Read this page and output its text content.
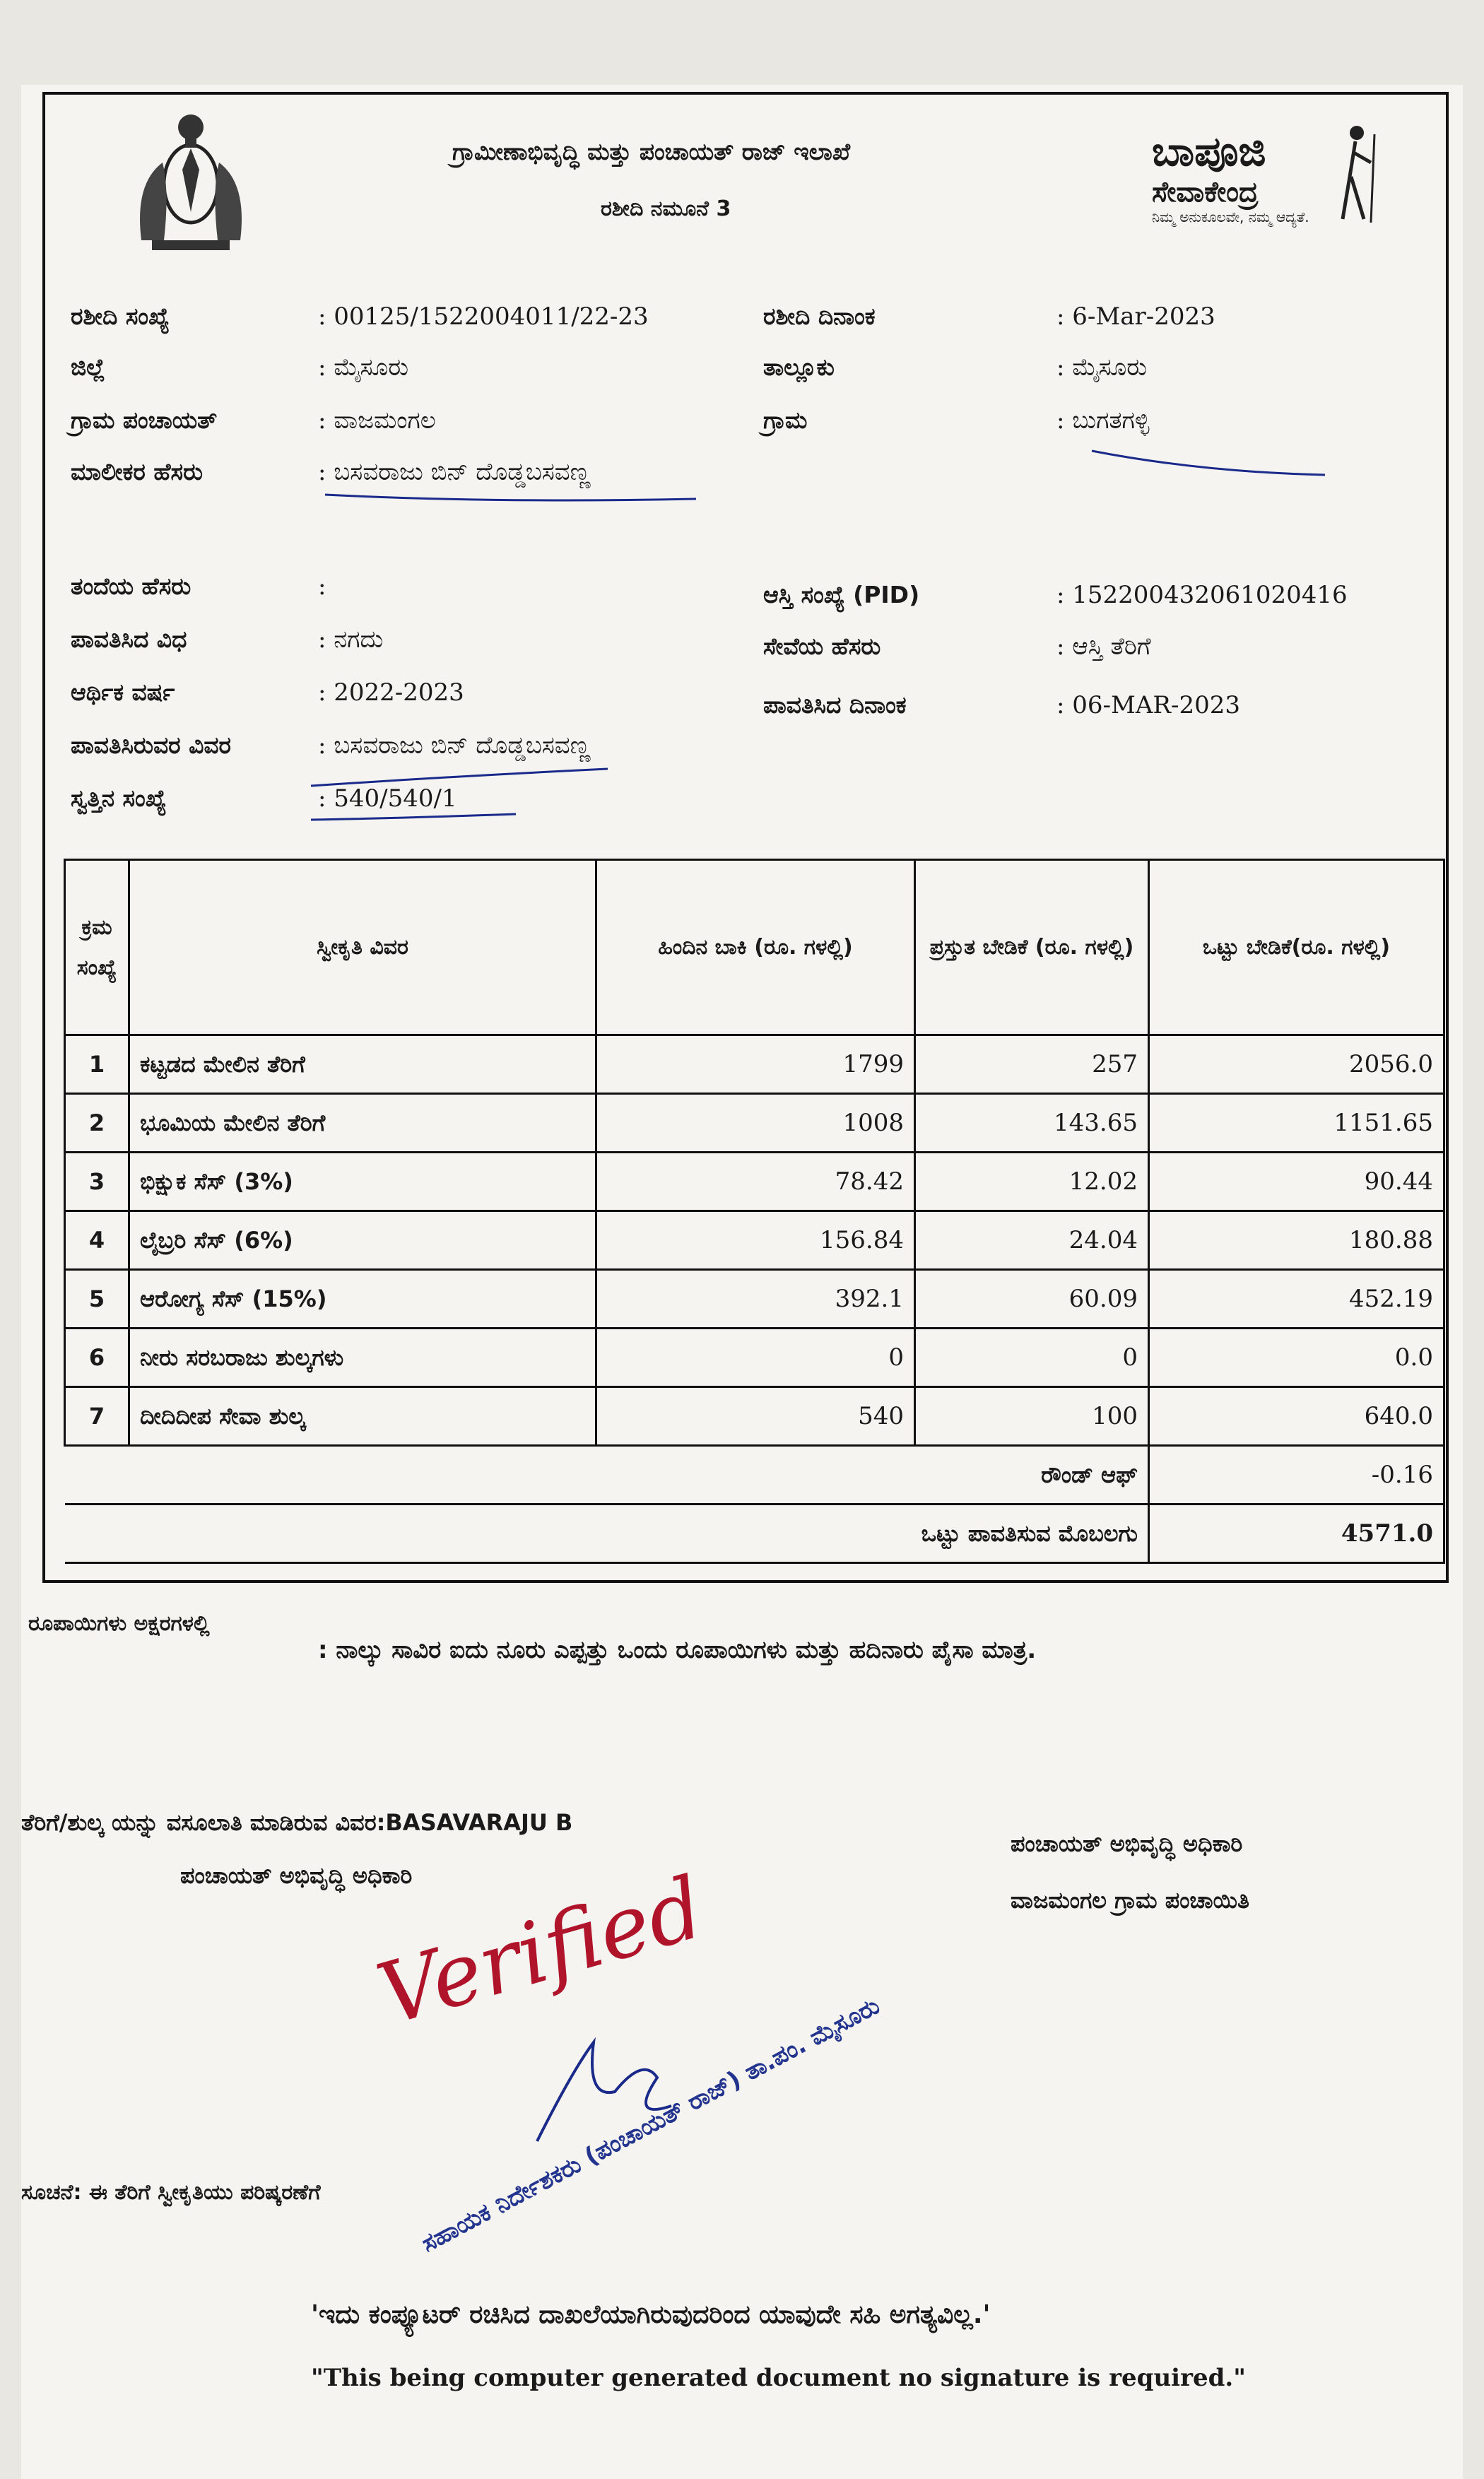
ಗ್ರಾಮೀಣಾಭಿವೃದ್ಧಿ ಮತ್ತು ಪಂಚಾಯತ್ ರಾಜ್ ಇಲಾಖೆ
ರಶೀದಿ ನಮೂನೆ 3
ಬಾಪೂಜಿ
ಸೇವಾಕೇಂದ್ರ
ನಿಮ್ಮ ಅನುಕೂಲವೇ, ನಮ್ಮ ಆದ್ಯತೆ.
ರಶೀದಿ ಸಂಖ್ಯೆ	: 00125/1522004011/22-23
ಜಿಲ್ಲೆ	: ಮೈಸೂರು
ಗ್ರಾಮ ಪಂಚಾಯತ್	: ವಾಜಮಂಗಲ
ಮಾಲೀಕರ ಹೆಸರು	: ಬಸವರಾಜು ಬಿನ್ ದೊಡ್ಡಬಸವಣ್ಣ
ತಂದೆಯ ಹೆಸರು	:
ಪಾವತಿಸಿದ ವಿಧ	: ನಗದು
ಆರ್ಥಿಕ ವರ್ಷ	: 2022-2023
ಪಾವತಿಸಿರುವರ ವಿವರ	: ಬಸವರಾಜು ಬಿನ್ ದೊಡ್ಡಬಸವಣ್ಣ
ಸ್ವತ್ತಿನ ಸಂಖ್ಯೆ	: 540/540/1
ರಶೀದಿ ದಿನಾಂಕ	: 6-Mar-2023
ತಾಲ್ಲೂಕು	: ಮೈಸೂರು
ಗ್ರಾಮ	: ಬುಗತಗಳ್ಳಿ
ಆಸ್ತಿ ಸಂಖ್ಯೆ (PID)	: 152200432061020416
ಸೇವೆಯ ಹೆಸರು	: ಆಸ್ತಿ ತೆರಿಗೆ
ಪಾವತಿಸಿದ ದಿನಾಂಕ	: 06-MAR-2023
ಕ್ರಮ ಸಂಖ್ಯೆ	ಸ್ವೀಕೃತಿ ವಿವರ	ಹಿಂದಿನ ಬಾಕಿ (ರೂ. ಗಳಲ್ಲಿ)	ಪ್ರಸ್ತುತ ಬೇಡಿಕೆ (ರೂ. ಗಳಲ್ಲಿ)	ಒಟ್ಟು ಬೇಡಿಕೆ(ರೂ. ಗಳಲ್ಲಿ)
1	ಕಟ್ಟಡದ ಮೇಲಿನ ತೆರಿಗೆ	1799	257	2056.0
2	ಭೂಮಿಯ ಮೇಲಿನ ತೆರಿಗೆ	1008	143.65	1151.65
3	ಭಿಕ್ಷುಕ ಸೆಸ್ (3%)	78.42	12.02	90.44
4	ಲೈಬ್ರರಿ ಸೆಸ್ (6%)	156.84	24.04	180.88
5	ಆರೋಗ್ಯ ಸೆಸ್ (15%)	392.1	60.09	452.19
6	ನೀರು ಸರಬರಾಜು ಶುಲ್ಕಗಳು	0	0	0.0
7	ದೀದಿದೀಪ ಸೇವಾ ಶುಲ್ಕ	540	100	640.0
ರೌಂಡ್ ಆಫ್				-0.16
ಒಟ್ಟು ಪಾವತಿಸುವ ಮೊಬಲಗು				4571.0
ರೂಪಾಯಿಗಳು ಅಕ್ಷರಗಳಲ್ಲಿ
: ನಾಲ್ಕು ಸಾವಿರ ಐದು ನೂರು ಎಪ್ಪತ್ತು ಒಂದು ರೂಪಾಯಿಗಳು ಮತ್ತು ಹದಿನಾರು ಪೈಸಾ ಮಾತ್ರ.
ತೆರಿಗೆ/ಶುಲ್ಕ ಯನ್ನು ವಸೂಲಾತಿ ಮಾಡಿರುವ ವಿವರ:BASAVARAJU B
ಪಂಚಾಯತ್ ಅಭಿವೃದ್ಧಿ ಅಧಿಕಾರಿ
ಪಂಚಾಯತ್ ಅಭಿವೃದ್ಧಿ ಅಧಿಕಾರಿ
ವಾಜಮಂಗಲ ಗ್ರಾಮ ಪಂಚಾಯಿತಿ
Verified
ಸಹಾಯಕ ನಿರ್ದೇಶಕರು (ಪಂಚಾಯತ್ ರಾಜ್) ತಾ.ಪಂ. ಮೈಸೂರು
ಸೂಚನೆ: ಈ ತೆರಿಗೆ ಸ್ವೀಕೃತಿಯು ಪರಿಷ್ಕರಣೆಗೆ
'ಇದು ಕಂಪ್ಯೂಟರ್ ರಚಿಸಿದ ದಾಖಲೆಯಾಗಿರುವುದರಿಂದ ಯಾವುದೇ ಸಹಿ ಅಗತ್ಯವಿಲ್ಲ.'
"This being computer generated document no signature is required."
